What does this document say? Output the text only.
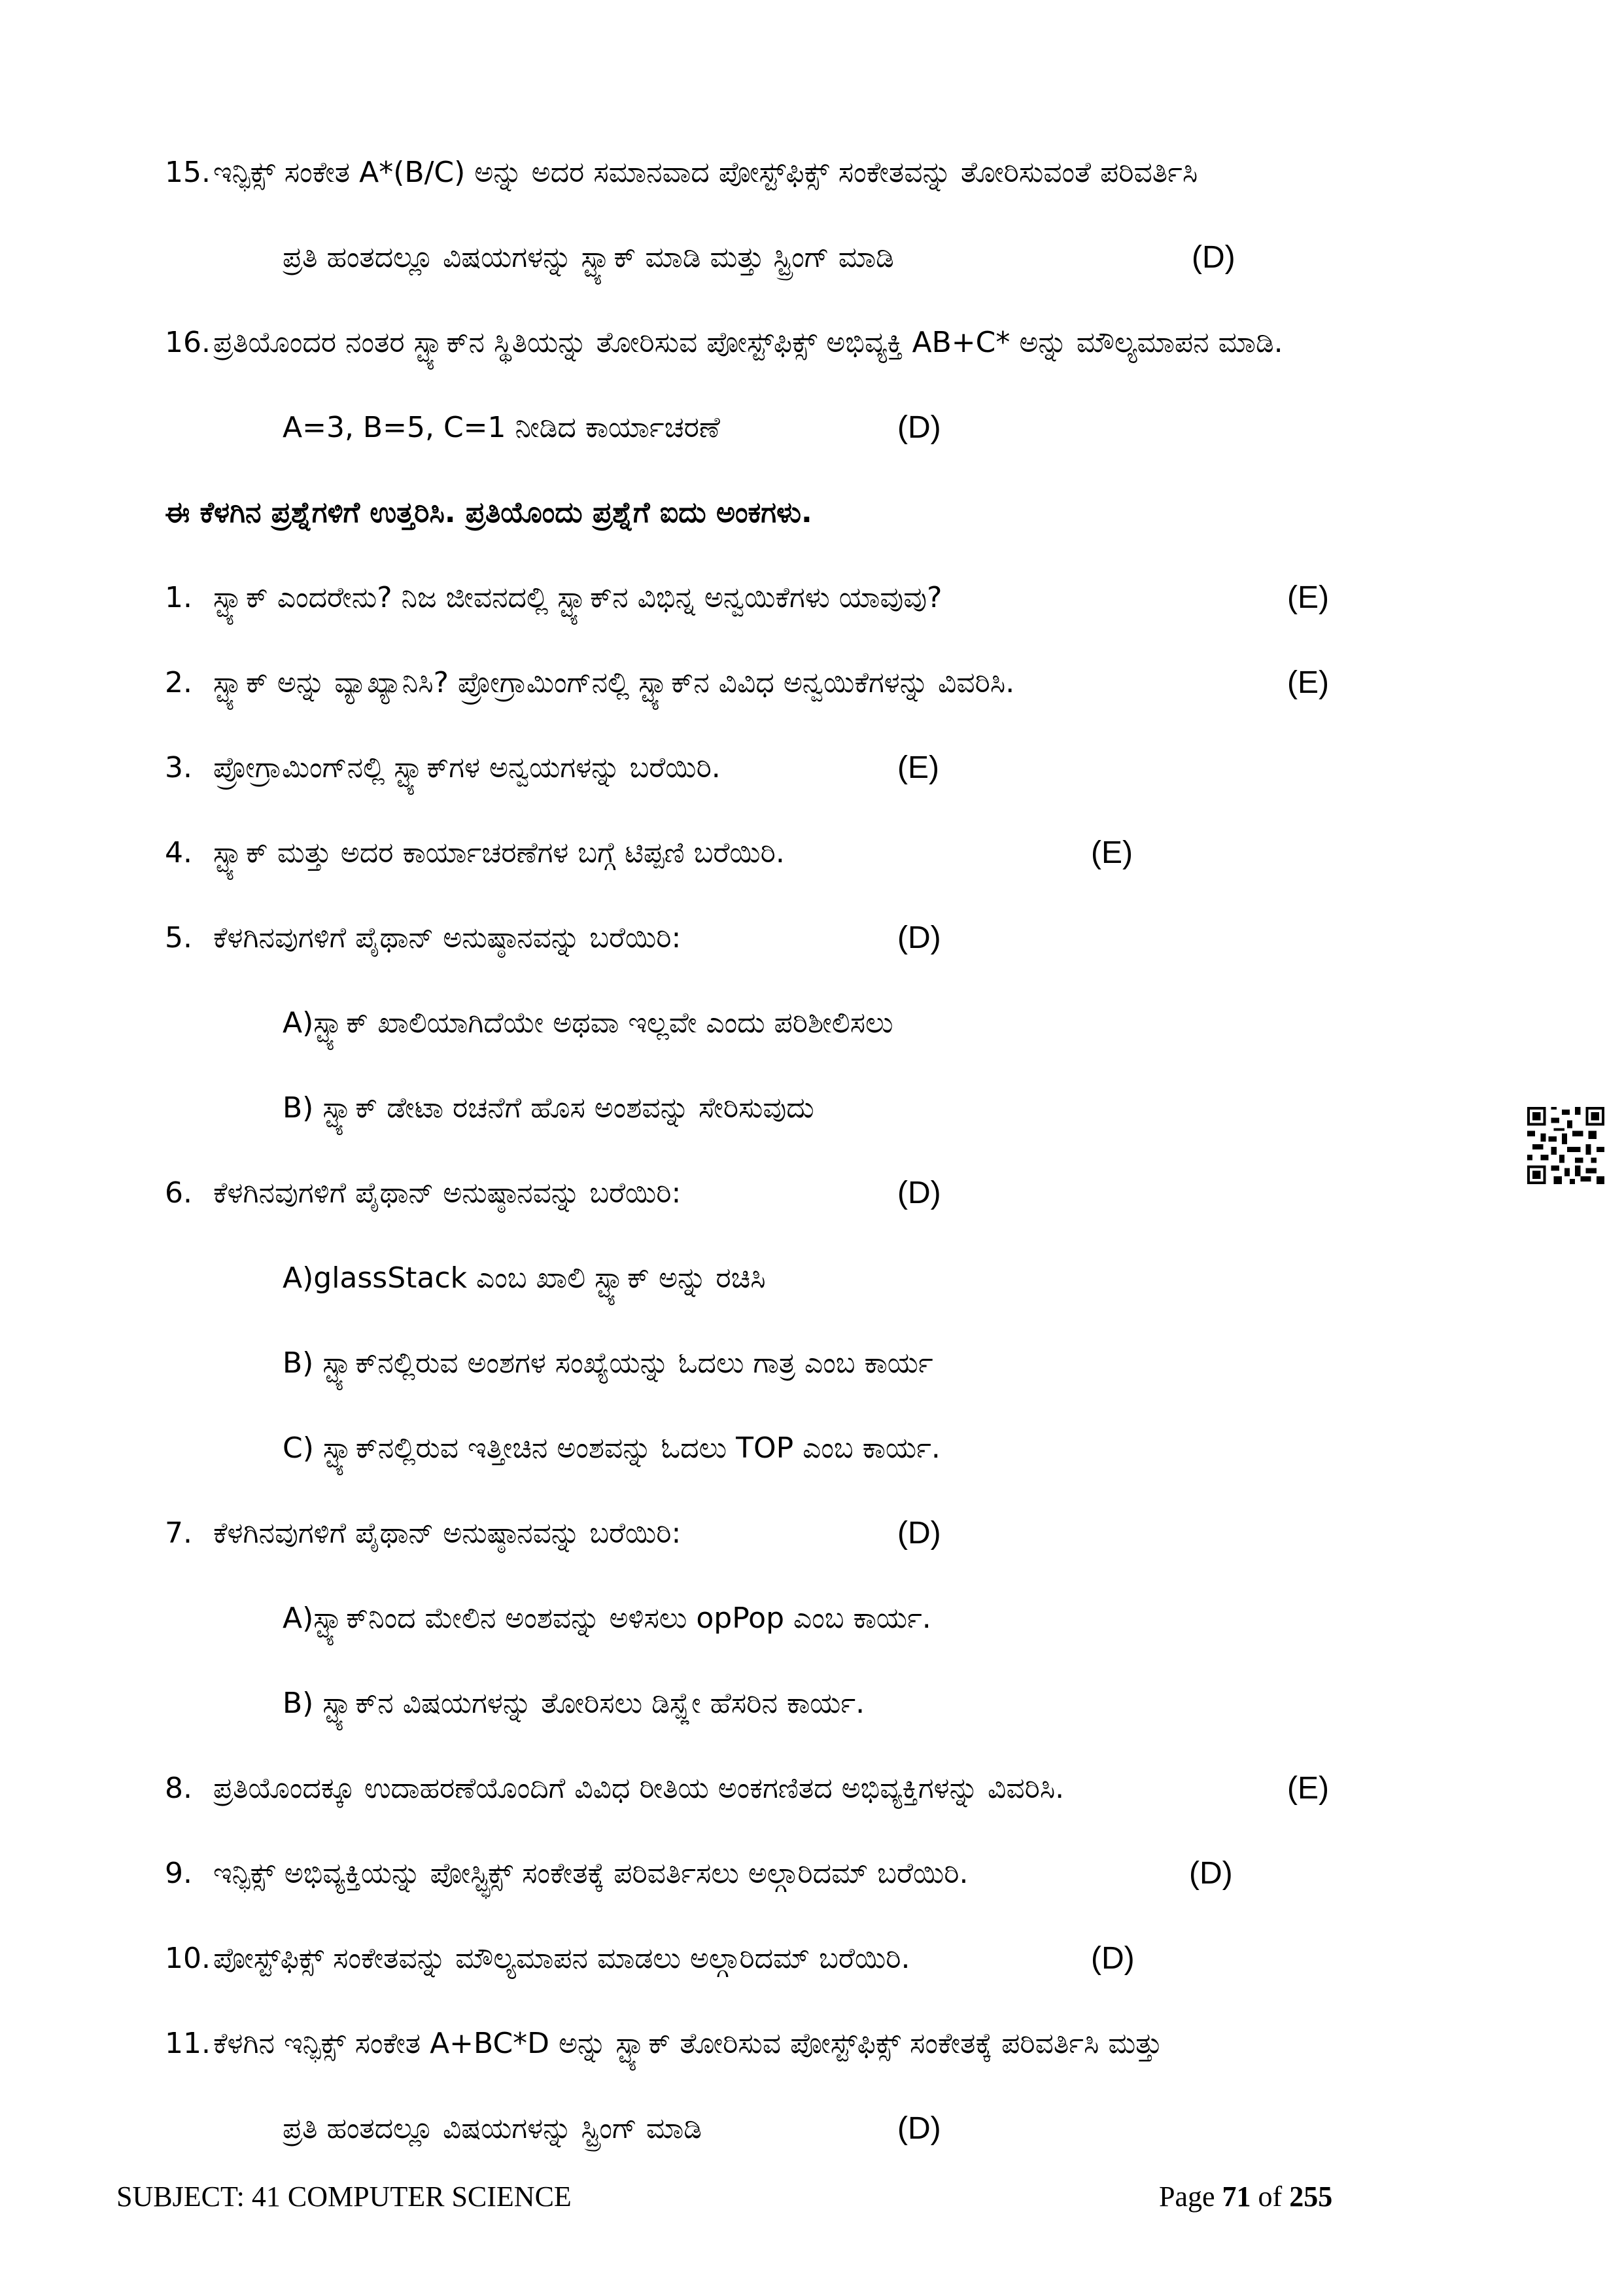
15.ಇನ್ಫಿಕ್ಸ್ ಸಂಕೇತ A*(B/C) ಅನ್ನು ಅದರ ಸಮಾನವಾದ ಪೋಸ್ಟ್‌ಫಿಕ್ಸ್ ಸಂಕೇತವನ್ನು ತೋರಿಸುವಂತೆ ಪರಿವರ್ತಿಸಿ
ಪ್ರತಿ ಹಂತದಲ್ಲೂ ವಿಷಯಗಳನ್ನು ಸ್ಟ್ಯಾಕ್ ಮಾಡಿ ಮತ್ತು ಸ್ಟ್ರಿಂಗ್ ಮಾಡಿ	(D)
16.ಪ್ರತಿಯೊಂದರ ನಂತರ ಸ್ಟ್ಯಾಕ್‌ನ ಸ್ಥಿತಿಯನ್ನು ತೋರಿಸುವ ಪೋಸ್ಟ್‌ಫಿಕ್ಸ್ ಅಭಿವ್ಯಕ್ತಿ AB+C* ಅನ್ನು ಮೌಲ್ಯಮಾಪನ ಮಾಡಿ.
A=3, B=5, C=1 ನೀಡಿದ ಕಾರ್ಯಾಚರಣೆ	(D)
ಈ ಕೆಳಗಿನ ಪ್ರಶ್ನೆಗಳಿಗೆ ಉತ್ತರಿಸಿ. ಪ್ರತಿಯೊಂದು ಪ್ರಶ್ನೆಗೆ ಐದು ಅಂಕಗಳು.
1. ಸ್ಟ್ಯಾಕ್ ಎಂದರೇನು? ನಿಜ ಜೀವನದಲ್ಲಿ ಸ್ಟ್ಯಾಕ್‌ನ ವಿಭಿನ್ನ ಅನ್ವಯಿಕೆಗಳು ಯಾವುವು?	(E)
2. ಸ್ಟ್ಯಾಕ್ ಅನ್ನು ವ್ಯಾಖ್ಯಾನಿಸಿ? ಪ್ರೋಗ್ರಾಮಿಂಗ್‌ನಲ್ಲಿ ಸ್ಟ್ಯಾಕ್‌ನ ವಿವಿಧ ಅನ್ವಯಿಕೆಗಳನ್ನು ವಿವರಿಸಿ.	(E)
3. ಪ್ರೋಗ್ರಾಮಿಂಗ್‌ನಲ್ಲಿ ಸ್ಟ್ಯಾಕ್‌ಗಳ ಅನ್ವಯಗಳನ್ನು ಬರೆಯಿರಿ.	(E)
4. ಸ್ಟ್ಯಾಕ್ ಮತ್ತು ಅದರ ಕಾರ್ಯಾಚರಣೆಗಳ ಬಗ್ಗೆ ಟಿಪ್ಪಣಿ ಬರೆಯಿರಿ.	(E)
5. ಕೆಳಗಿನವುಗಳಿಗೆ ಪೈಥಾನ್ ಅನುಷ್ಠಾನವನ್ನು ಬರೆಯಿರಿ:	(D)
A)ಸ್ಟ್ಯಾಕ್ ಖಾಲಿಯಾಗಿದೆಯೇ ಅಥವಾ ಇಲ್ಲವೇ ಎಂದು ಪರಿಶೀಲಿಸಲು
B) ಸ್ಟ್ಯಾಕ್ ಡೇಟಾ ರಚನೆಗೆ ಹೊಸ ಅಂಶವನ್ನು ಸೇರಿಸುವುದು
6. ಕೆಳಗಿನವುಗಳಿಗೆ ಪೈಥಾನ್ ಅನುಷ್ಠಾನವನ್ನು ಬರೆಯಿರಿ:	(D)
A)glassStack ಎಂಬ ಖಾಲಿ ಸ್ಟ್ಯಾಕ್ ಅನ್ನು ರಚಿಸಿ
B) ಸ್ಟ್ಯಾಕ್‌ನಲ್ಲಿರುವ ಅಂಶಗಳ ಸಂಖ್ಯೆಯನ್ನು ಓದಲು ಗಾತ್ರ ಎಂಬ ಕಾರ್ಯ
C) ಸ್ಟ್ಯಾಕ್‌ನಲ್ಲಿರುವ ಇತ್ತೀಚಿನ ಅಂಶವನ್ನು ಓದಲು TOP ಎಂಬ ಕಾರ್ಯ.
7. ಕೆಳಗಿನವುಗಳಿಗೆ ಪೈಥಾನ್ ಅನುಷ್ಠಾನವನ್ನು ಬರೆಯಿರಿ:	(D)
A)ಸ್ಟ್ಯಾಕ್‌ನಿಂದ ಮೇಲಿನ ಅಂಶವನ್ನು ಅಳಿಸಲು opPop ಎಂಬ ಕಾರ್ಯ.
B) ಸ್ಟ್ಯಾಕ್‌ನ ವಿಷಯಗಳನ್ನು ತೋರಿಸಲು ಡಿಸ್ಪ್ಲೇ ಹೆಸರಿನ ಕಾರ್ಯ.
8. ಪ್ರತಿಯೊಂದಕ್ಕೂ ಉದಾಹರಣೆಯೊಂದಿಗೆ ವಿವಿಧ ರೀತಿಯ ಅಂಕಗಣಿತದ ಅಭಿವ್ಯಕ್ತಿಗಳನ್ನು ವಿವರಿಸಿ.	(E)
9. ಇನ್ಫಿಕ್ಸ್ ಅಭಿವ್ಯಕ್ತಿಯನ್ನು ಪೋಸ್ಟ್ಫಿಕ್ಸ್ ಸಂಕೇತಕ್ಕೆ ಪರಿವರ್ತಿಸಲು ಅಲ್ಗಾರಿದಮ್ ಬರೆಯಿರಿ.	(D)
10.ಪೋಸ್ಟ್‌ಫಿಕ್ಸ್ ಸಂಕೇತವನ್ನು ಮೌಲ್ಯಮಾಪನ ಮಾಡಲು ಅಲ್ಗಾರಿದಮ್ ಬರೆಯಿರಿ.	(D)
11.ಕೆಳಗಿನ ಇನ್ಫಿಕ್ಸ್ ಸಂಕೇತ A+BC*D ಅನ್ನು ಸ್ಟ್ಯಾಕ್ ತೋರಿಸುವ ಪೋಸ್ಟ್‌ಫಿಕ್ಸ್ ಸಂಕೇತಕ್ಕೆ ಪರಿವರ್ತಿಸಿ ಮತ್ತು
ಪ್ರತಿ ಹಂತದಲ್ಲೂ ವಿಷಯಗಳನ್ನು ಸ್ಟ್ರಿಂಗ್ ಮಾಡಿ	(D)
SUBJECT: 41 COMPUTER SCIENCE	Page 71 of 255
